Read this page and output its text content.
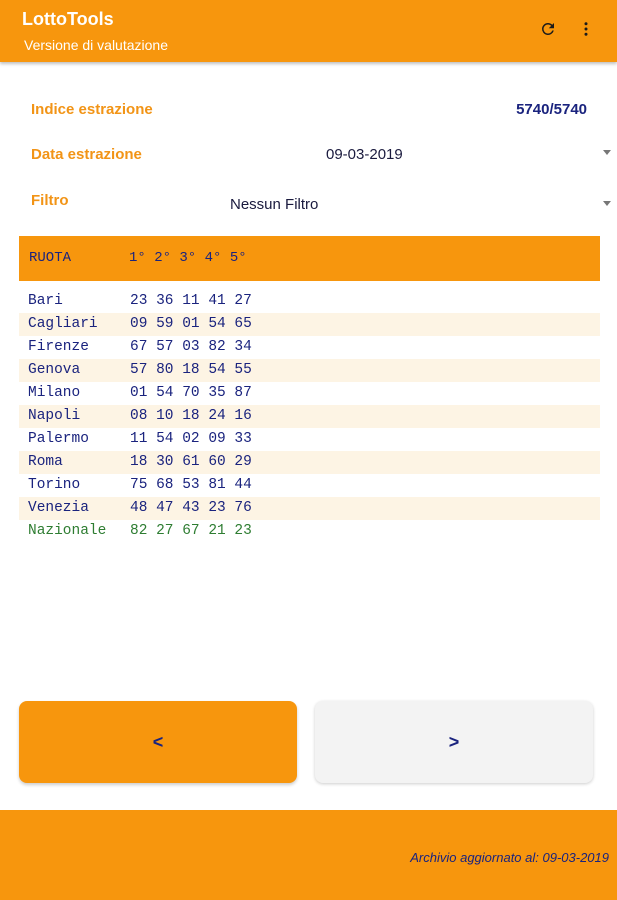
LottoTools
Versione di valutazione
Indice estrazione	5740/5740
Data estrazione	09-03-2019
Filtro	Nessun Filtro
RUOTA	1° 2° 3° 4° 5°
Bari	23 36 11 41 27
Cagliari 09 59 01 54 65
Firenze	67 57 03 82 34
Genova	57 80 18 54 55
Milano	01 54 70 35 87
Napoli	08 10 18 24 16
Palermo	11 54 02 09 33
Roma	18 30 61 60 29
Torino	75 68 53 81 44
Venezia	48 47 43 23 76
Nazionale 82 27 67 21 23
<	>
Archivio aggiornato al: 09-03-2019
